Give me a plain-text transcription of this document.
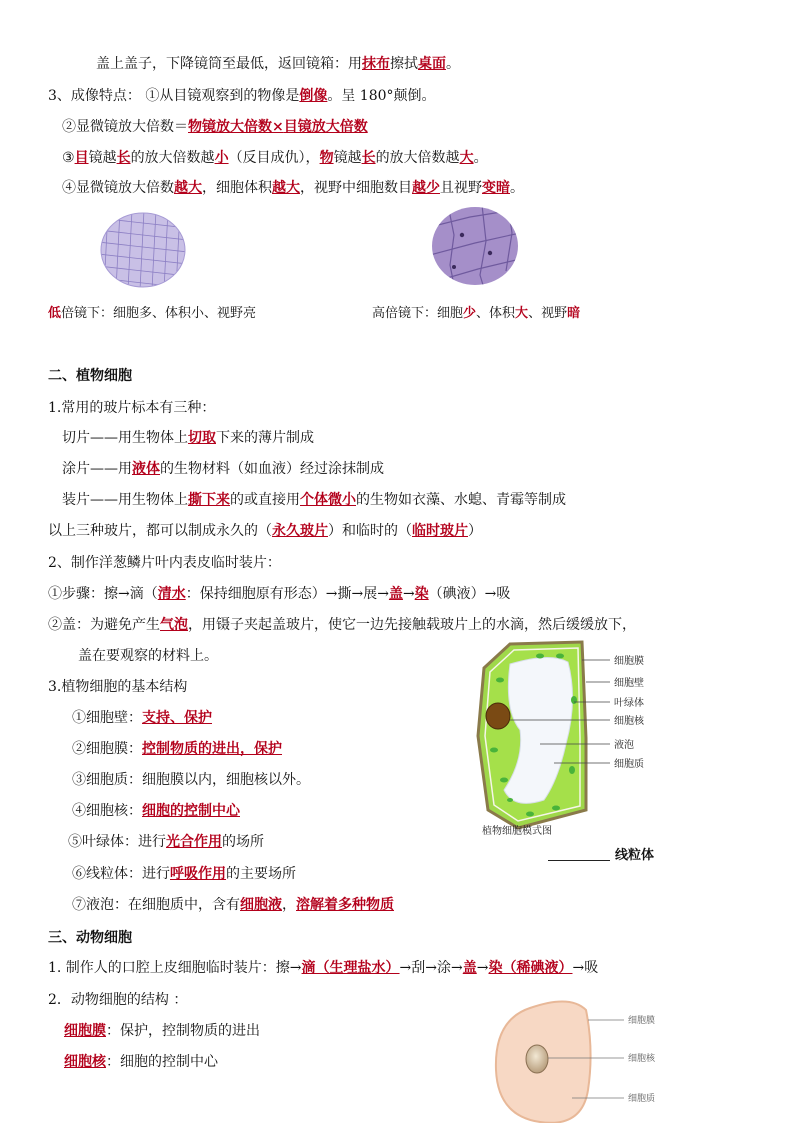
盖上盖子，下降镜筒至最低，返回镜箱：用抹布擦拭桌面。
3、成像特点： ①从目镜观察到的物像是倒像。呈 180°颠倒。
②显微镜放大倍数＝物镜放大倍数×目镜放大倍数
③目镜越长的放大倍数越小（反目成仇），物镜越长的放大倍数越大。
④显微镜放大倍数越大，细胞体积越大，视野中细胞数目越少且视野变暗。
低倍镜下：细胞多、体积小、视野亮	高倍镜下：细胞少、体积大、视野暗
二、植物细胞
1.常用的玻片标本有三种：
切片——用生物体上切取下来的薄片制成
涂片——用液体的生物材料（如血液）经过涂抹制成
装片——用生物体上撕下来的或直接用个体微小的生物如衣藻、水螅、青霉等制成
以上三种玻片，都可以制成永久的（永久玻片）和临时的（临时玻片）
2、制作洋葱鳞片叶内表皮临时装片：
①步骤：擦→滴（清水：保持细胞原有形态）→撕→展→盖→染（碘液）→吸
②盖：为避免产生气泡，用镊子夹起盖玻片，使它一边先接触载玻片上的水滴，然后缓缓放下，
盖在要观察的材料上。
3.植物细胞的基本结构
①细胞壁：支持、保护
②细胞膜：控制物质的进出，保护
③细胞质：细胞膜以内，细胞核以外。
④细胞核：细胞的控制中心
⑤叶绿体：进行光合作用的场所
⑥线粒体：进行呼吸作用的主要场所
⑦液泡：在细胞质中，含有细胞液，溶解着多种物质
细胞膜
细胞壁
叶绿体
细胞核
液泡
细胞质
植物细胞模式图
线粒体
三、动物细胞
1. 制作人的口腔上皮细胞临时装片：擦→滴（生理盐水）→刮→涂→盖→染（稀碘液）→吸
2．动物细胞的结构 ：
细胞膜：保护，控制物质的进出
细胞核：细胞的控制中心
细胞膜
细胞核
细胞质
